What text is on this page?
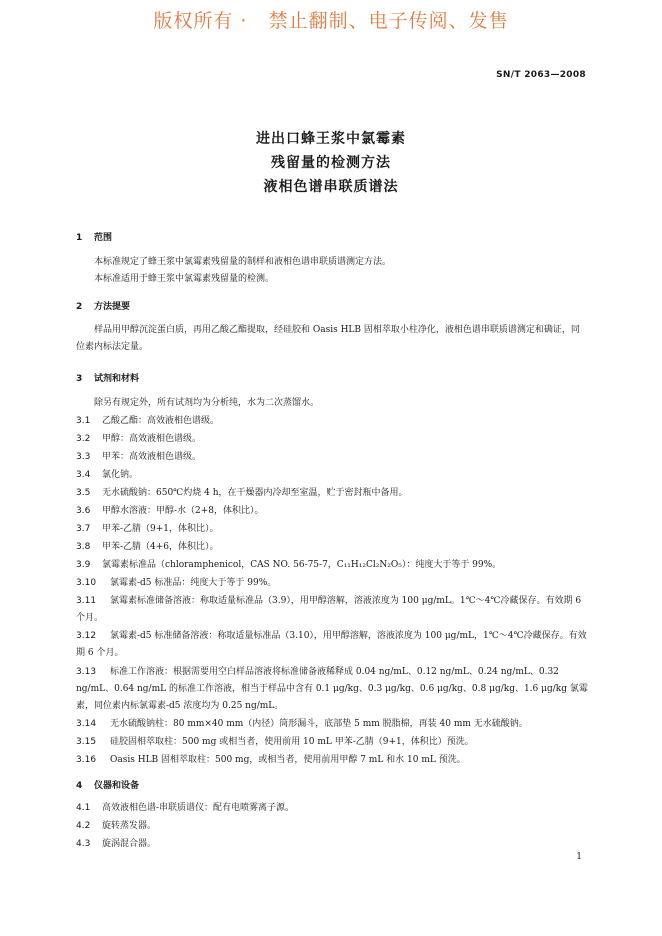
版权所有 ·   禁止翻制、电子传阅、发售
SN/T 2063—2008
进出口蜂王浆中氯霉素
残留量的检测方法
液相色谱串联质谱法
1 范围
本标准规定了蜂王浆中氯霉素残留量的制样和液相色谱串联质谱测定方法。
本标准适用于蜂王浆中氯霉素残留量的检测。
2 方法提要
样品用甲醇沉淀蛋白质，再用乙酸乙酯提取，经硅胶和 Oasis HLB 固相萃取小柱净化，液相色谱串联质谱测定和确证，同位素内标法定量。
3 试剂和材料
除另有规定外，所有试剂均为分析纯，水为二次蒸馏水。
3.1 乙酸乙酯：高效液相色谱级。
3.2 甲醇：高效液相色谱级。
3.3 甲苯：高效液相色谱级。
3.4 氯化钠。
3.5 无水硫酸钠：650℃灼烧 4 h，在干燥器内冷却至室温，贮于密封瓶中备用。
3.6 甲醇水溶液：甲醇-水（2+8，体积比）。
3.7 甲苯-乙腈（9+1，体积比）。
3.8 甲苯-乙腈（4+6，体积比）。
3.9 氯霉素标准品（chloramphenicol，CAS NO. 56-75-7，C₁₁H₁₂Cl₂N₂O₅）：纯度大于等于 99%。
3.10 氯霉素-d5 标准品：纯度大于等于 99%。
3.11 氯霉素标准储备溶液：称取适量标准品（3.9），用甲醇溶解，溶液浓度为 100 μg/mL。1℃～4℃冷藏保存。有效期 6 个月。
3.12 氯霉素-d5 标准储备溶液：称取适量标准品（3.10），用甲醇溶解，溶液浓度为 100 μg/mL，1℃～4℃冷藏保存。有效期 6 个月。
3.13 标准工作溶液：根据需要用空白样品溶液将标准储备液稀释成 0.04 ng/mL、0.12 ng/mL、0.24 ng/mL、0.32 ng/mL、0.64 ng/mL 的标准工作溶液，相当于样品中含有 0.1 μg/kg、0.3 μg/kg、0.6 μg/kg、0.8 μg/kg、1.6 μg/kg 氯霉素，同位素内标氯霉素-d5 浓度均为 0.25 ng/mL。
3.14 无水硫酸钠柱：80 mm×40 mm（内径）筒形漏斗，底部垫 5 mm 脱脂棉，再装 40 mm 无水硫酸钠。
3.15 硅胶固相萃取柱：500 mg 或相当者，使用前用 10 mL 甲苯-乙腈（9+1，体积比）预洗。
3.16 Oasis HLB 固相萃取柱：500 mg，或相当者，使用前用甲醇 7 mL 和水 10 mL 预洗。
4 仪器和设备
4.1 高效液相色谱-串联质谱仪：配有电喷雾离子源。
4.2 旋转蒸发器。
4.3 旋涡混合器。
1
